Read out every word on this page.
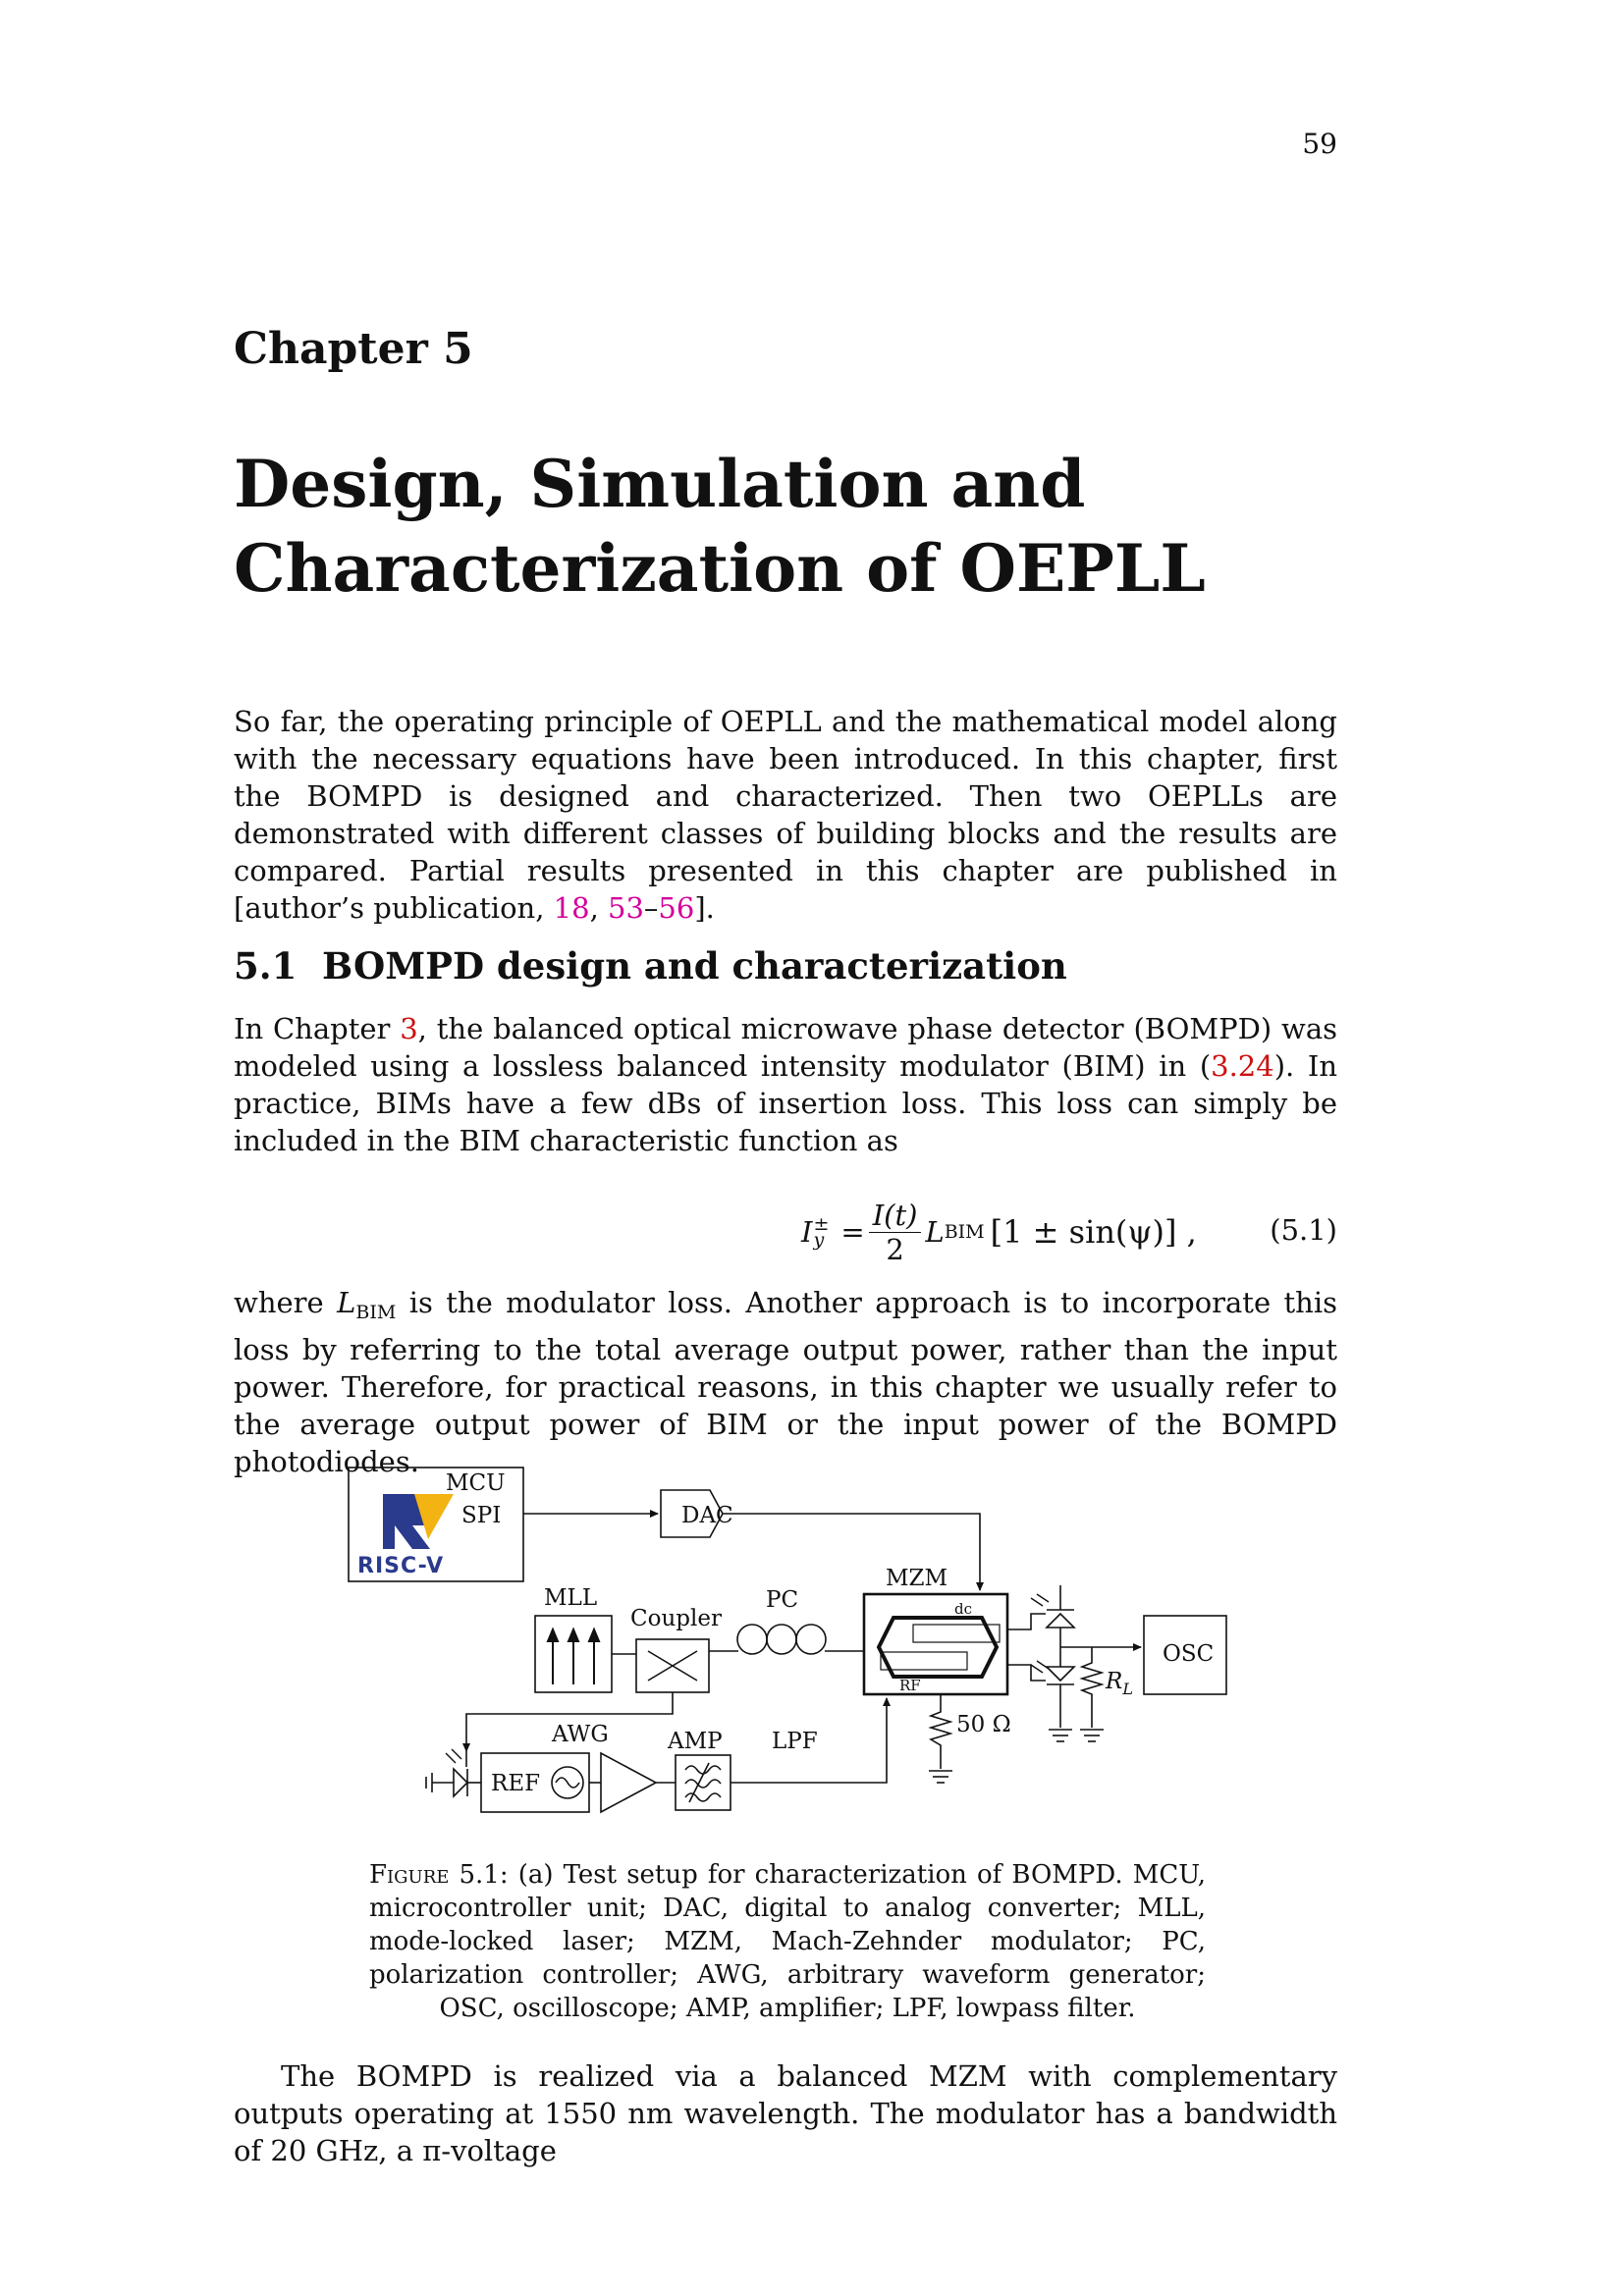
59
Chapter 5
Design, Simulation and
Characterization of OEPLL

So far, the operating principle of OEPLL and the mathematical model along with the necessary equations have been introduced. In this chapter, first the BOMPD is designed and characterized. Then two OEPLLs are demonstrated with different classes of building blocks and the results are compared. Partial results presented in this chapter are published in [author’s publication, 18, 53–56].

5.1 BOMPD design and characterization

In Chapter 3, the balanced optical microwave phase detector (BOMPD) was modeled using a lossless balanced intensity modulator (BIM) in (3.24). In practice, BIMs have a few dBs of insertion loss. This loss can simply be included in the BIM characteristic function as

I ±
$y = \frac{I(t)}{2}$ L BIM [1 ± sin(ψ)] ,	(5.1)

where $L_{BIM}$ is the modulator loss. Another approach is to incorporate this loss by referring to the total average output power, rather than the input power. Therefore, for practical reasons, in this chapter we usually refer to the average output power of BIM or the input power of the BOMPD photodiodes.

RISC-V
MCU
SPI	DAC
MLL
Coupler
PC
MZM
dc
RF
OSC
$R_L$
AWG	AMP LPF
REF
50 Ω

Figure 5.1: (a) Test setup for characterization of BOMPD. MCU, microcontroller unit; DAC, digital to analog converter; MLL, mode-locked laser; MZM, Mach-Zehnder modulator; PC, polarization controller; AWG, arbitrary waveform generator; OSC, oscilloscope; AMP, amplifier; LPF, lowpass filter.

The BOMPD is realized via a balanced MZM with complementary outputs operating at 1550 nm wavelength. The modulator has a bandwidth of 20 GHz, a π-voltage
